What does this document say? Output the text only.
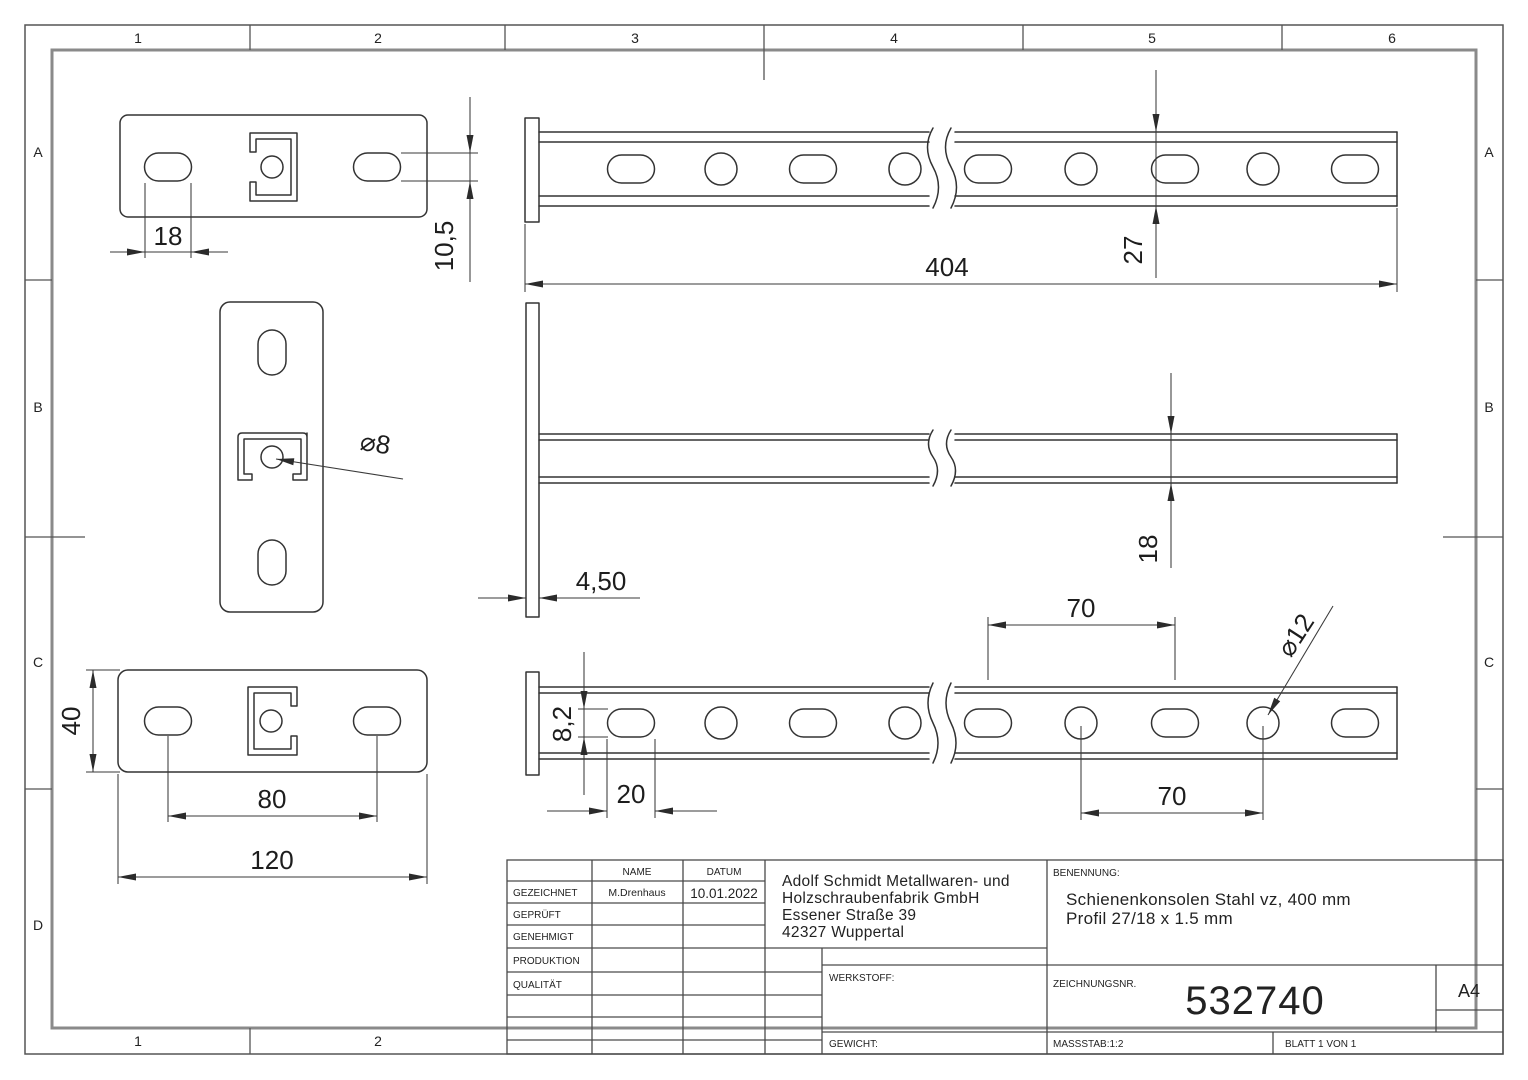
1	2	3	4	5	6
1	2
A
B
C
D
A
B
C
18	10,5
⌀8
40
80
120
404
27
4,50
18
8,2
20
70
70
⌀12
NAME	DATUM
GEZEICHNET	M.Drenhaus 10.01.2022
GEPRÜFT
GENEHMIGT
PRODUKTION
QUALITÄT
Adolf Schmidt Metallwaren- und
Holzschraubenfabrik GmbH
Essener Straße 39
42327 Wuppertal
WERKSTOFF:
GEWICHT:
BENENNUNG:
Schienenkonsolen Stahl vz, 400 mm
Profil 27/18 x 1.5 mm
ZEICHNUNGSNR. 532740	A4
MASSSTAB:1:2	BLATT 1 VON 1
